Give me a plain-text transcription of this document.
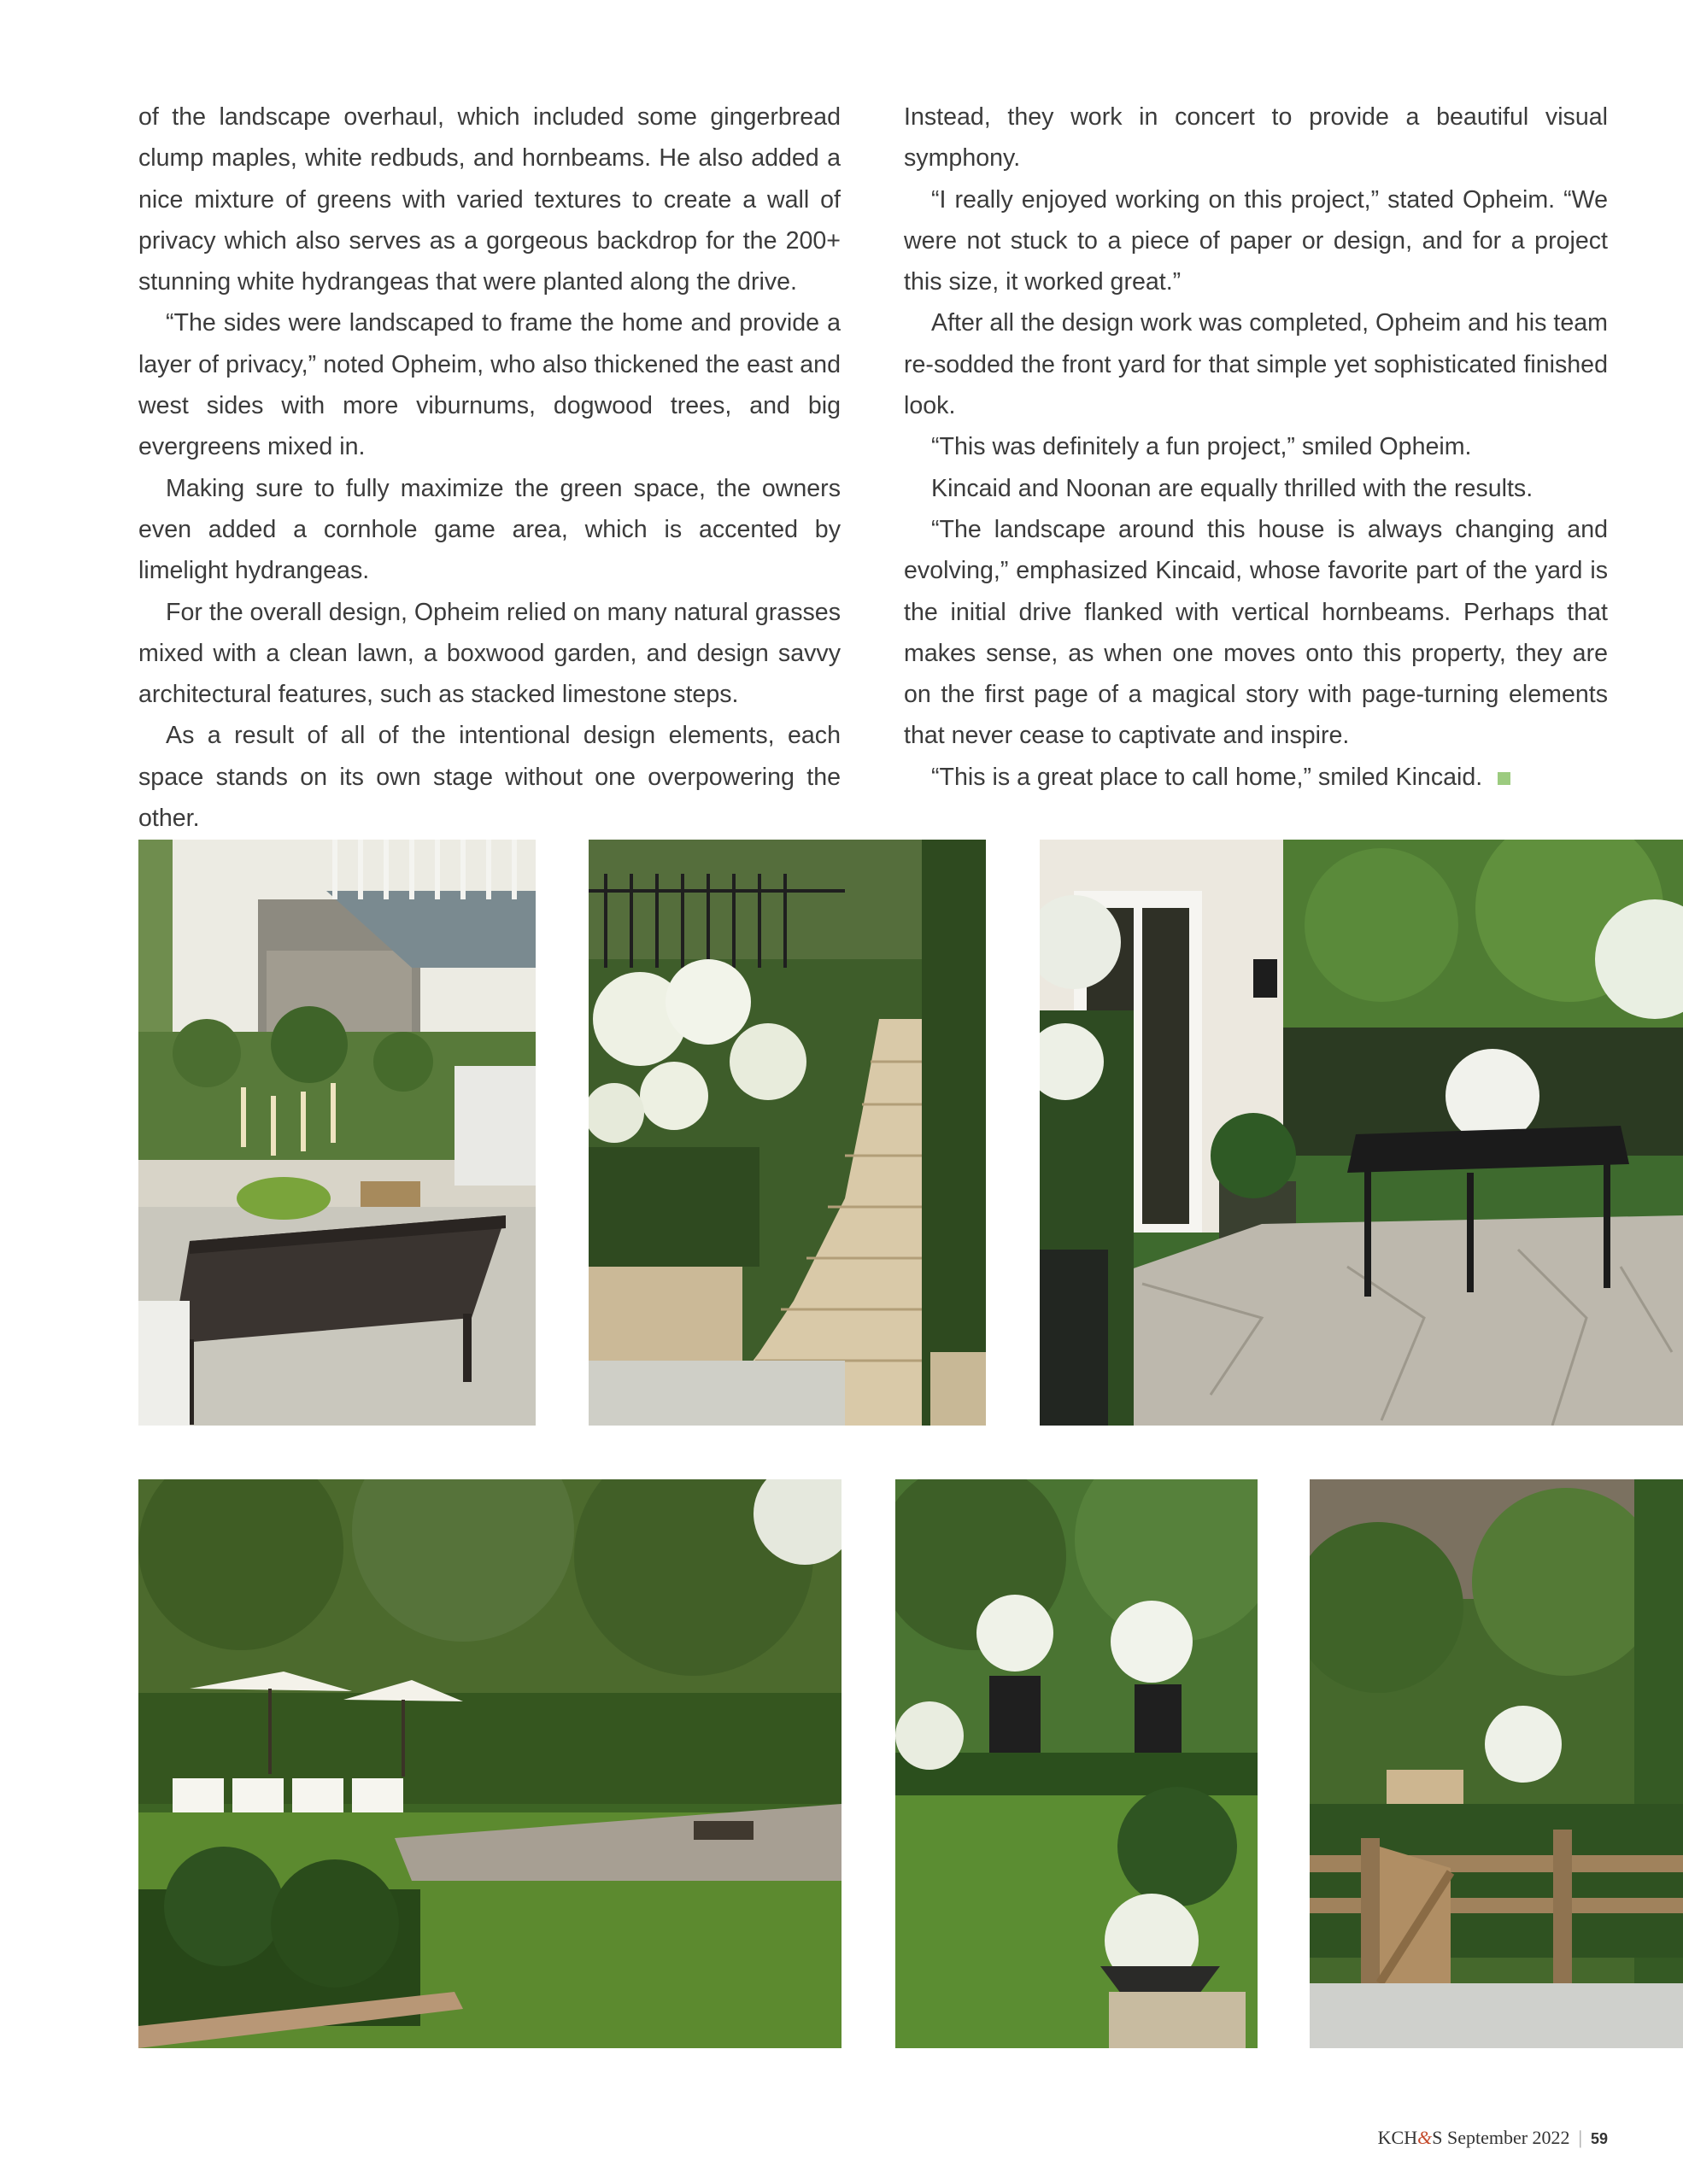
of the landscape overhaul, which included some gingerbread clump maples, white redbuds, and hornbeams. He also added a nice mixture of greens with varied textures to create a wall of privacy which also serves as a gorgeous backdrop for the 200+ stunning white hydrangeas that were planted along the drive.

“The sides were landscaped to frame the home and provide a layer of privacy,” noted Opheim, who also thickened the east and west sides with more viburnums, dogwood trees, and big evergreens mixed in.

Making sure to fully maximize the green space, the owners even added a cornhole game area, which is accented by limelight hydrangeas.

For the overall design, Opheim relied on many natural grasses mixed with a clean lawn, a boxwood garden, and design savvy architectural features, such as stacked limestone steps.

As a result of all of the intentional design elements, each space stands on its own stage without one overpowering the other.

Instead, they work in concert to provide a beautiful visual symphony.

“I really enjoyed working on this project,” stated Opheim. “We were not stuck to a piece of paper or design, and for a project this size, it worked great.”

After all the design work was completed, Opheim and his team re-sodded the front yard for that simple yet sophisticated finished look.

“This was definitely a fun project,” smiled Opheim.

Kincaid and Noonan are equally thrilled with the results.

“The landscape around this house is always changing and evolving,” emphasized Kincaid, whose favorite part of the yard is the initial drive flanked with vertical hornbeams. Perhaps that makes sense, as when one moves onto this property, they are on the first page of a magical story with page-turning elements that never cease to captivate and inspire.

“This is a great place to call home,” smiled Kincaid.

KCH&S September 2022 | 59
